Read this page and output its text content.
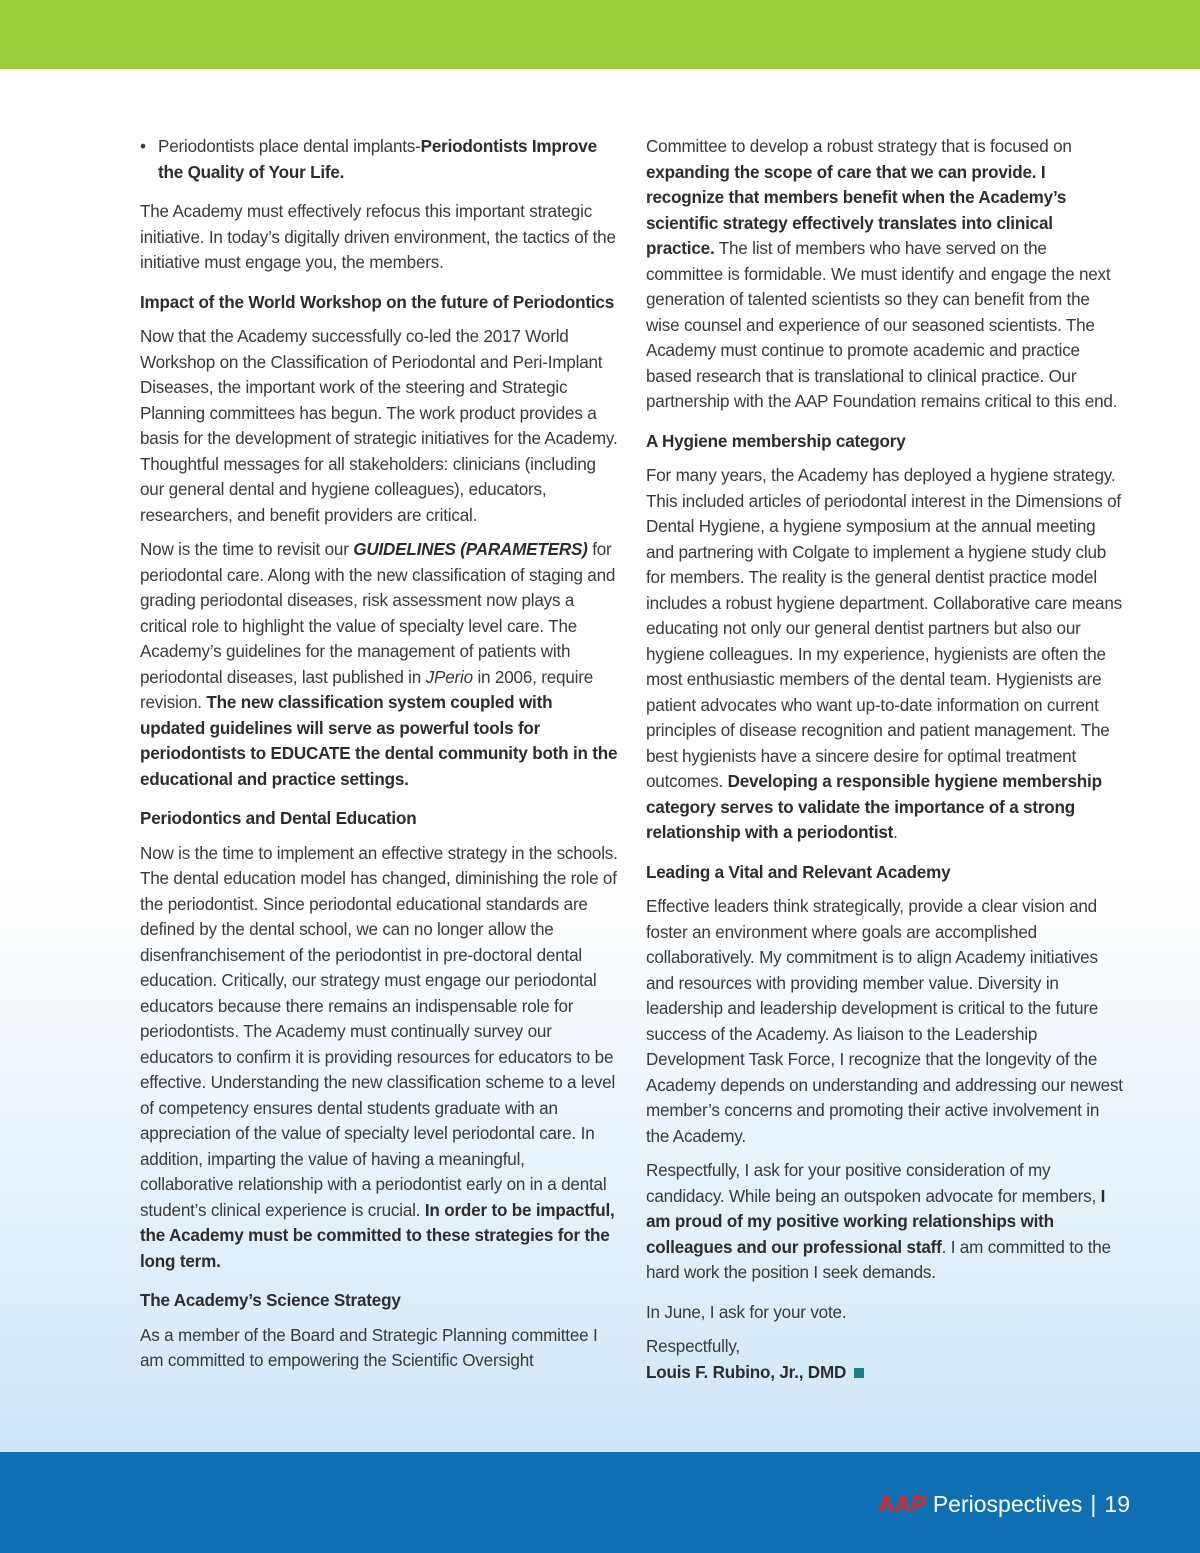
• Periodontists place dental implants-Periodontists Improve the Quality of Your Life.

The Academy must effectively refocus this important strategic initiative. In today’s digitally driven environment, the tactics of the initiative must engage you, the members.

Impact of the World Workshop on the future of Periodontics

Now that the Academy successfully co-led the 2017 World Workshop on the Classification of Periodontal and Peri-Implant Diseases, the important work of the steering and Strategic Planning committees has begun. The work product provides a basis for the development of strategic initiatives for the Academy. Thoughtful messages for all stakeholders: clinicians (including our general dental and hygiene colleagues), educators, researchers, and benefit providers are critical.

Now is the time to revisit our GUIDELINES (PARAMETERS) for periodontal care. Along with the new classification of staging and grading periodontal diseases, risk assessment now plays a critical role to highlight the value of specialty level care. The Academy’s guidelines for the management of patients with periodontal diseases, last published in JPerio in 2006, require revision. The new classification system coupled with updated guidelines will serve as powerful tools for periodontists to EDUCATE the dental community both in the educational and practice settings.

Periodontics and Dental Education

Now is the time to implement an effective strategy in the schools. The dental education model has changed, diminishing the role of the periodontist. Since periodontal educational standards are defined by the dental school, we can no longer allow the disenfranchisement of the periodontist in pre-doctoral dental education. Critically, our strategy must engage our periodontal educators because there remains an indispensable role for periodontists. The Academy must continually survey our educators to confirm it is providing resources for educators to be effective. Understanding the new classification scheme to a level of competency ensures dental students graduate with an appreciation of the value of specialty level periodontal care. In addition, imparting the value of having a meaningful, collaborative relationship with a periodontist early on in a dental student’s clinical experience is crucial. In order to be impactful, the Academy must be committed to these strategies for the long term.

The Academy’s Science Strategy

As a member of the Board and Strategic Planning committee I am committed to empowering the Scientific Oversight

Committee to develop a robust strategy that is focused on expanding the scope of care that we can provide. I recognize that members benefit when the Academy’s scientific strategy effectively translates into clinical practice. The list of members who have served on the committee is formidable. We must identify and engage the next generation of talented scientists so they can benefit from the wise counsel and experience of our seasoned scientists. The Academy must continue to promote academic and practice based research that is translational to clinical practice. Our partnership with the AAP Foundation remains critical to this end.

A Hygiene membership category

For many years, the Academy has deployed a hygiene strategy. This included articles of periodontal interest in the Dimensions of Dental Hygiene, a hygiene symposium at the annual meeting and partnering with Colgate to implement a hygiene study club for members. The reality is the general dentist practice model includes a robust hygiene department. Collaborative care means educating not only our general dentist partners but also our hygiene colleagues. In my experience, hygienists are often the most enthusiastic members of the dental team. Hygienists are patient advocates who want up-to-date information on current principles of disease recognition and patient management. The best hygienists have a sincere desire for optimal treatment outcomes. Developing a responsible hygiene membership category serves to validate the importance of a strong relationship with a periodontist.

Leading a Vital and Relevant Academy

Effective leaders think strategically, provide a clear vision and foster an environment where goals are accomplished collaboratively. My commitment is to align Academy initiatives and resources with providing member value. Diversity in leadership and leadership development is critical to the future success of the Academy. As liaison to the Leadership Development Task Force, I recognize that the longevity of the Academy depends on understanding and addressing our newest member’s concerns and promoting their active involvement in the Academy.

Respectfully, I ask for your positive consideration of my candidacy. While being an outspoken advocate for members, I am proud of my positive working relationships with colleagues and our professional staff. I am committed to the hard work the position I seek demands.

In June, I ask for your vote.

Respectfully,

Louis F. Rubino, Jr., DMD

AAP Periospectives | 19
